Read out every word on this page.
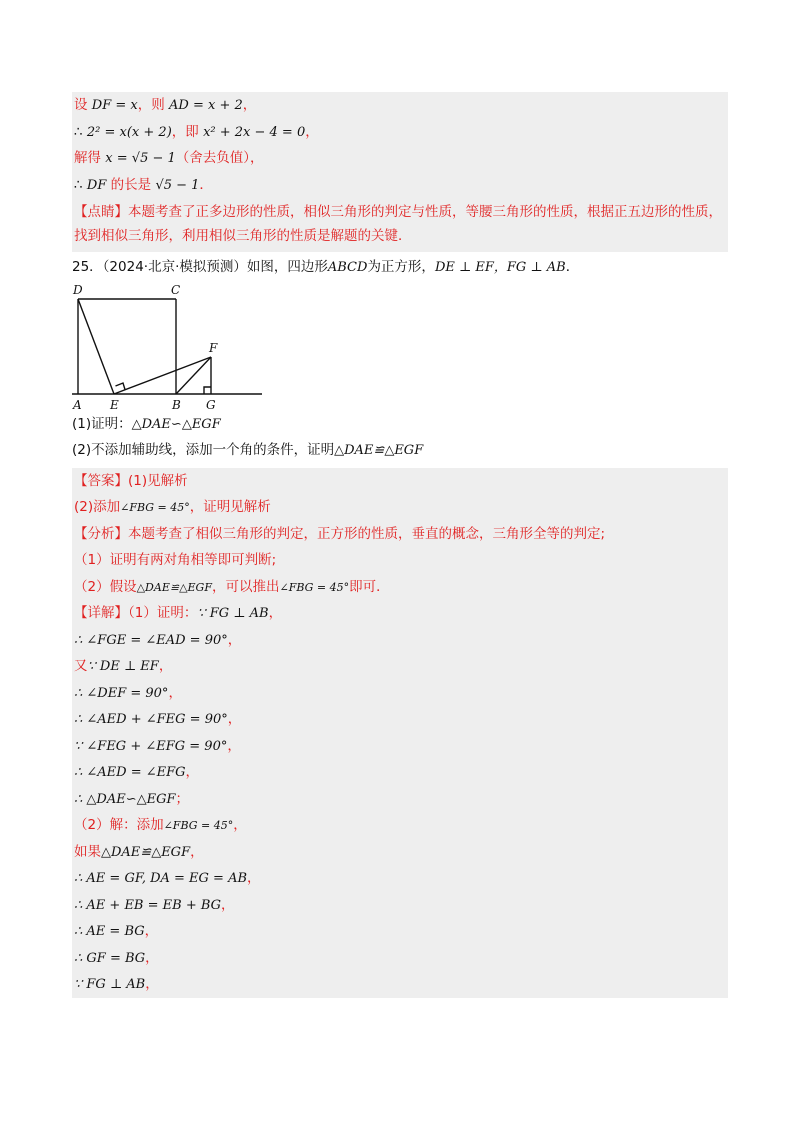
设 DF = x，则 AD = x + 2，
∴ 2² = x(x + 2)，即 x² + 2x − 4 = 0，
解得 x = √5 − 1（舍去负值），
∴ DF 的长是 √5 − 1．
【点睛】本题考查了正多边形的性质，相似三角形的判定与性质，等腰三角形的性质，根据正五边形的性质，找到相似三角形，利用相似三角形的性质是解题的关键．
25．（2024·北京·模拟预测）如图，四边形ABCD为正方形，DE ⊥ EF，FG ⊥ AB．
D	C
F
A E	B G
(1)证明：△DAE∽△EGF
(2)不添加辅助线，添加一个角的条件，证明△DAE≌△EGF
【答案】(1)见解析
(2)添加∠FBG = 45°，证明见解析
【分析】本题考查了相似三角形的判定，正方形的性质，垂直的概念，三角形全等的判定;
（1）证明有两对角相等即可判断;
（2）假设△DAE≌△EGF，可以推出∠FBG = 45°即可．
【详解】（1）证明：∵ FG ⊥ AB，
∴ ∠FGE = ∠EAD = 90°，
又∵ DE ⊥ EF，
∴ ∠DEF = 90°，
∴ ∠AED + ∠FEG = 90°，
∵ ∠FEG + ∠EFG = 90°，
∴ ∠AED = ∠EFG，
∴ △DAE∽△EGF；
（2）解：添加∠FBG = 45°，
如果△DAE≌△EGF，
∴ AE = GF, DA = EG = AB，
∴ AE + EB = EB + BG，
∴ AE = BG，
∴ GF = BG，
∵ FG ⊥ AB，
